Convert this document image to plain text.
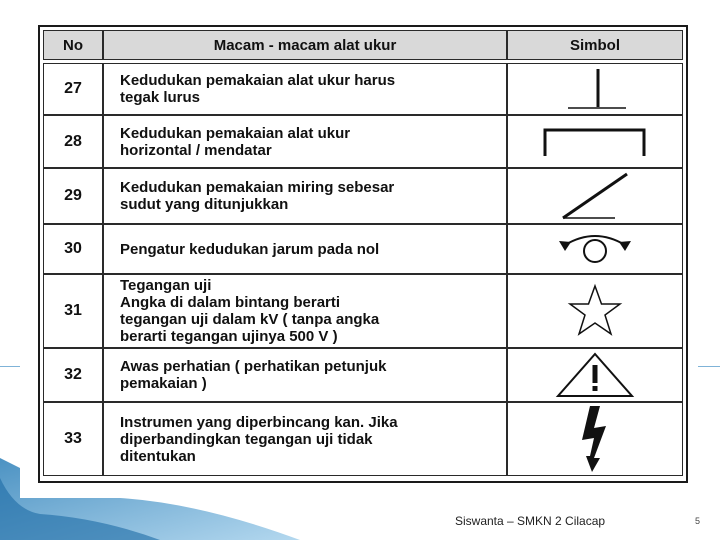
No	Macam - macam alat ukur	Simbol

27	Kedudukan pemakaian alat ukur harus
tegak lurus

28	Kedudukan pemakaian alat ukur
horizontal / mendatar

29	Kedudukan pemakaian miring sebesar
sudut yang ditunjukkan

30	Pengatur kedudukan jarum pada nol

31	Tegangan uji
Angka di dalam bintang berarti
tegangan uji dalam kV ( tanpa angka
berarti tegangan ujinya 500 V )

32	Awas perhatian ( perhatikan petunjuk
pemakaian )

33	Instrumen yang diperbincang kan. Jika
diperbandingkan tegangan uji tidak
ditentukan

Siswanta – SMKN 2 Cilacap	5
